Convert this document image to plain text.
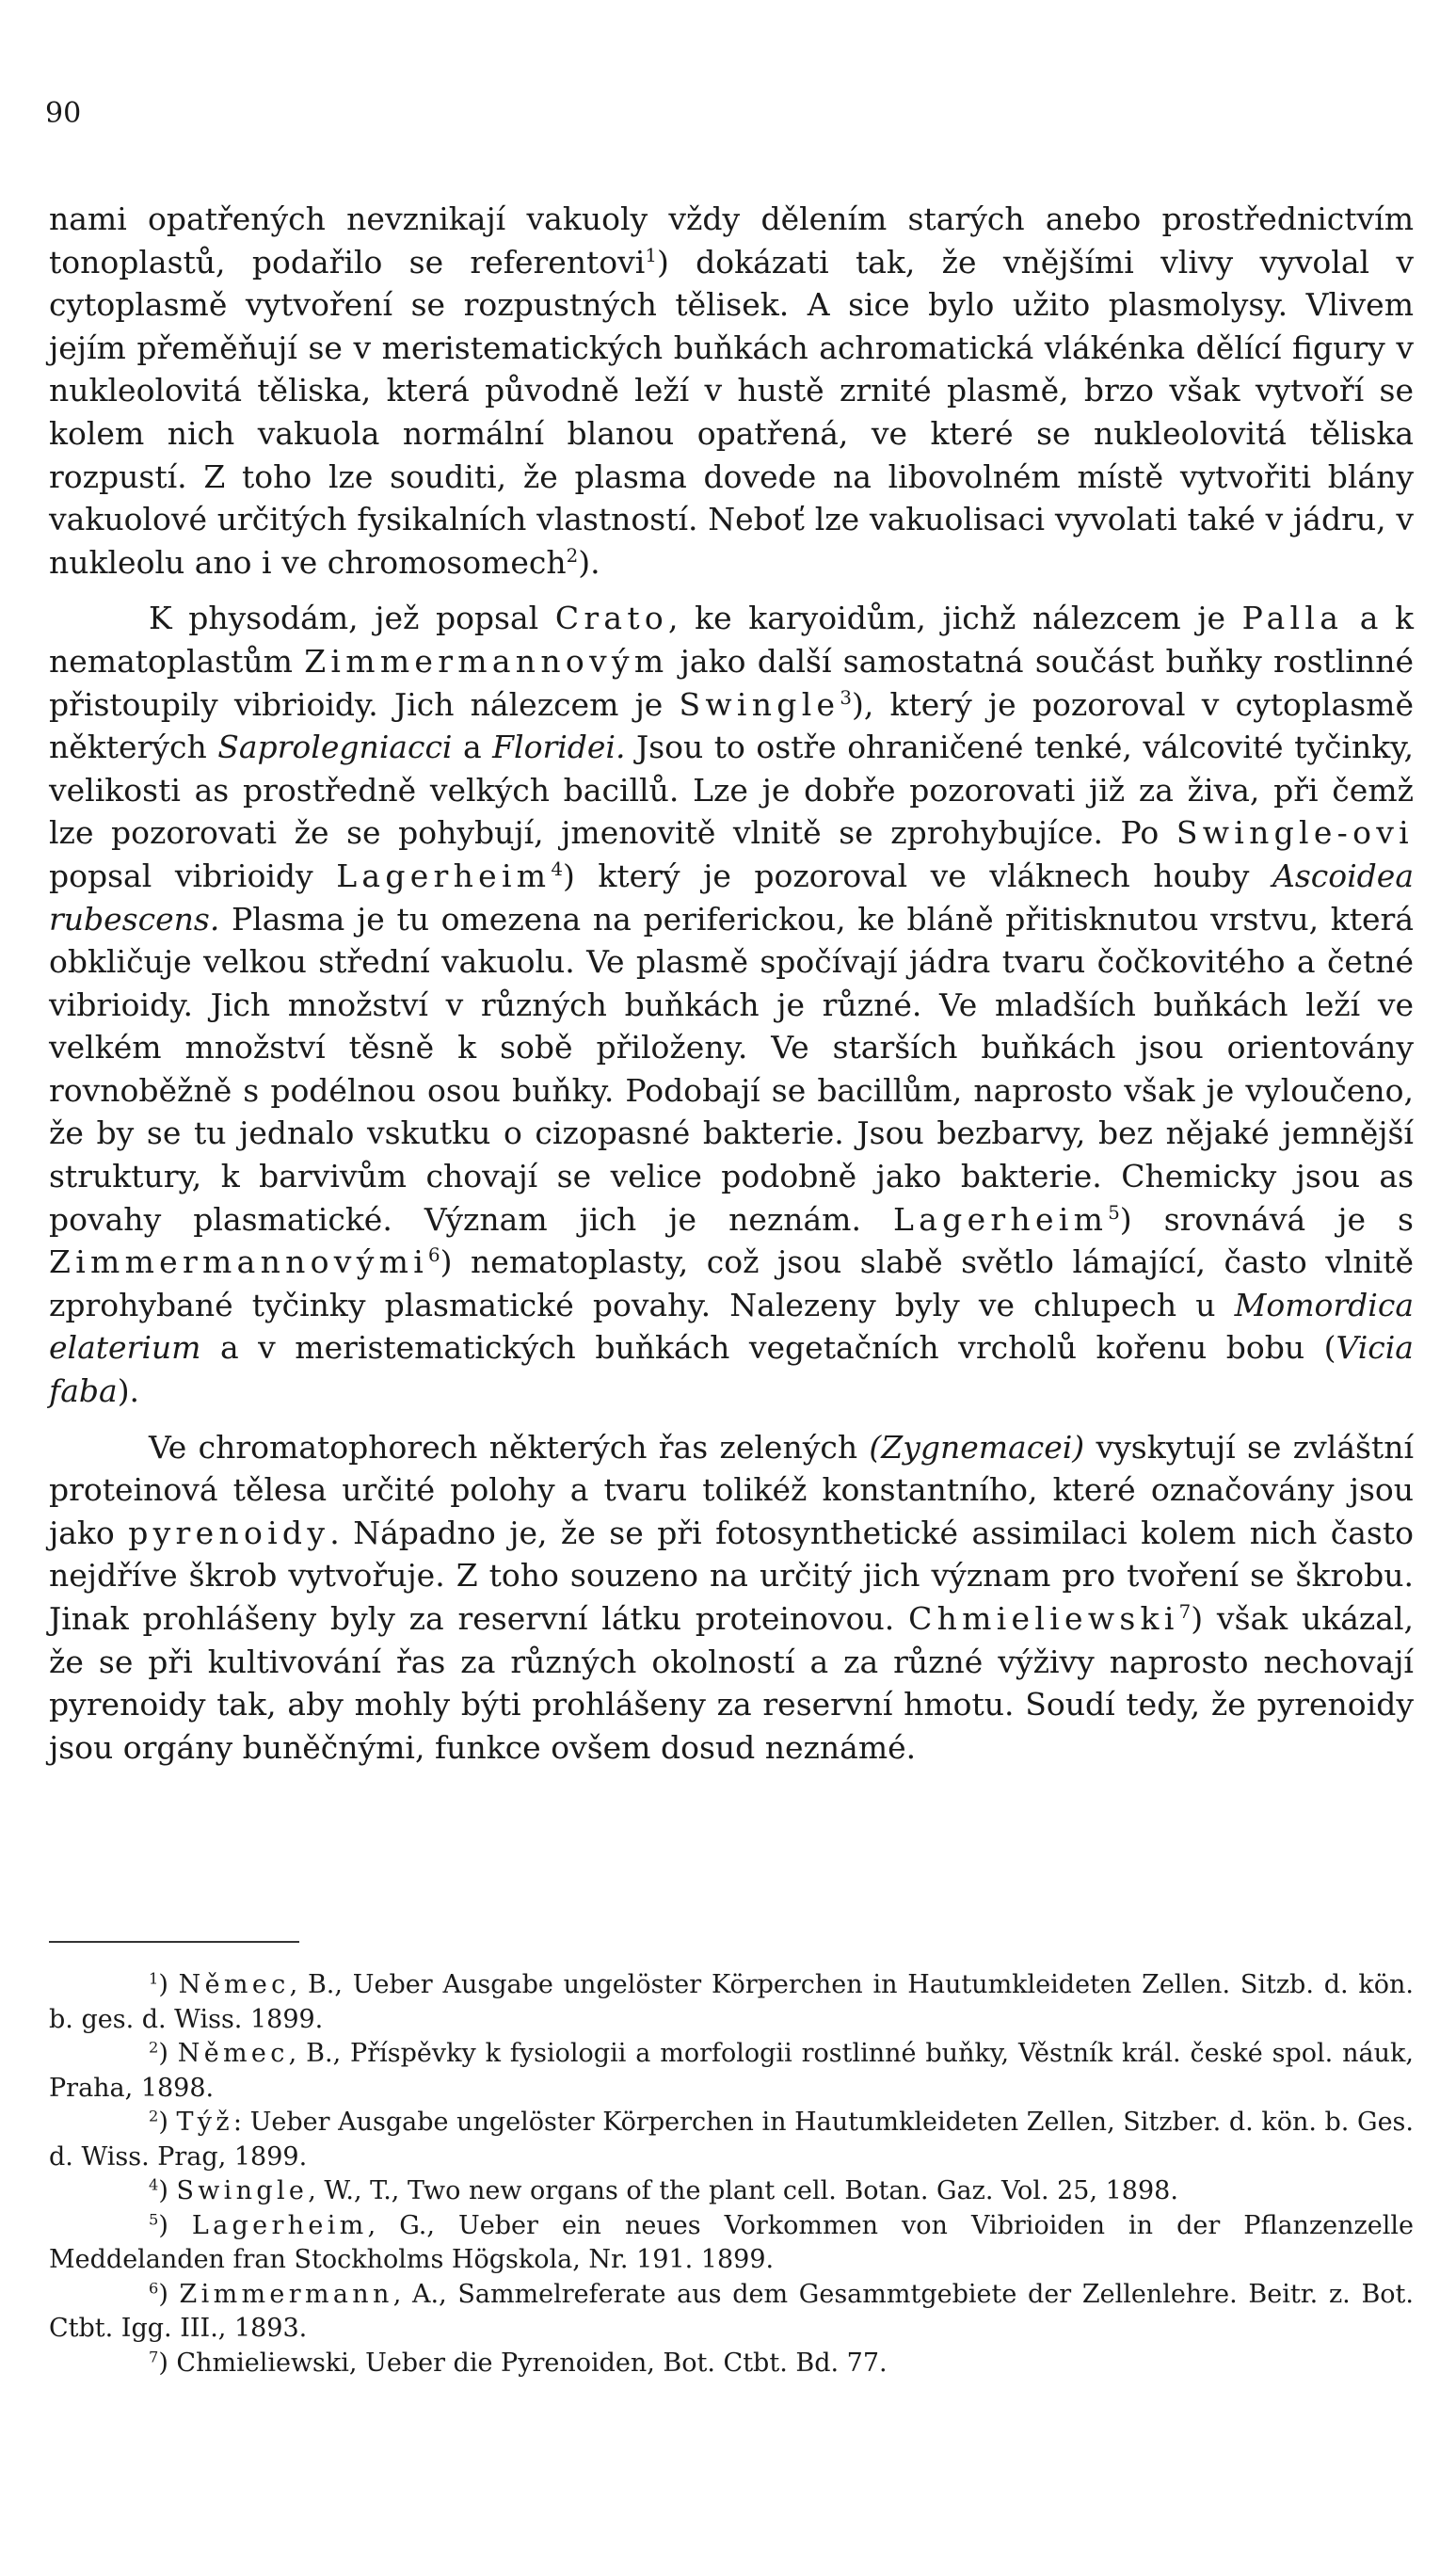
90

nami opatřených nevznikají vakuoly vždy dělením starých anebo prostřednictvím tonoplastů, podařilo se referentovi$^1$) dokázati tak, že vnějšími vlivy vyvolal v cytoplasmě vytvoření se rozpustných tělisek. A sice bylo užito plasmolysy. Vlivem jejím přeměňují se v meristematických buňkách achromatická vlákénka dělící figury v nukleolovitá těliska, která původně leží v hustě zrnité plasmě, brzo však vytvoří se kolem nich vakuola normální blanou opatřená, ve které se nukleolovitá těliska rozpustí. Z toho lze souditi, že plasma dovede na libovolném místě vytvořiti blány vakuolové určitých fysikalních vlastností. Neboť lze vakuolisaci vyvolati také v jádru, v nukleolu ano i ve chromosomech$^2$).

K physodám, jež popsal Crato, ke karyoidům, jichž nálezcem je Palla a k nematoplastům Zimmermannovým jako další samostatná součást buňky rostlinné přistoupily vibrioidy. Jich nálezcem je Swingle$^3$), který je pozoroval v cytoplasmě některých Saprolegniacci a Floridei. Jsou to ostře ohraničené tenké, válcovité tyčinky, velikosti as prostředně velkých bacillů. Lze je dobře pozorovati již za živa, při čemž lze pozorovati že se pohybují, jmenovitě vlnitě se zprohybujíce. Po Swingle-ovi popsal vibrioidy Lagerheim$^4$) který je pozoroval ve vláknech houby Ascoidea rubescens. Plasma je tu omezena na periferickou, ke bláně přitisknutou vrstvu, která obkličuje velkou střední vakuolu. Ve plasmě spočívají jádra tvaru čočkovitého a četné vibrioidy. Jich množství v různých buňkách je různé. Ve mladších buňkách leží ve velkém množství těsně k sobě přiloženy. Ve starších buňkách jsou orientovány rovnoběžně s podélnou osou buňky. Podobají se bacillům, naprosto však je vyloučeno, že by se tu jednalo vskutku o cizopasné bakterie. Jsou bezbarvy, bez nějaké jemnější struktury, k barvivům chovají se velice podobně jako bakterie. Chemicky jsou as povahy plasmatické. Význam jich je neznám. Lagerheim$^5$) srovnává je s Zimmermannovými$^6$) nematoplasty, což jsou slabě světlo lámající, často vlnitě zprohybané tyčinky plasmatické povahy. Nalezeny byly ve chlupech u Momordica elaterium a v meristematických buňkách vegetačních vrcholů kořenu bobu (Vicia faba).

Ve chromatophorech některých řas zelených (Zygnemacei) vyskytují se zvláštní proteinová tělesa určité polohy a tvaru tolikéž konstantního, které označovány jsou jako pyrenoidy. Nápadno je, že se při fotosynthetické assimilaci kolem nich často nejdříve škrob vytvořuje. Z toho souzeno na určitý jich význam pro tvoření se škrobu. Jinak prohlášeny byly za reservní látku proteinovou. Chmieliewski$^7$) však ukázal, že se při kultivování řas za různých okolností a za různé výživy naprosto nechovají pyrenoidy tak, aby mohly býti prohlášeny za reservní hmotu. Soudí tedy, že pyrenoidy jsou orgány buněčnými, funkce ovšem dosud neznámé.

$^1$) Němec, B., Ueber Ausgabe ungelöster Körperchen in Hautumkleideten Zellen. Sitzb. d. kön. b. ges. d. Wiss. 1899.

$^2$) Němec, B., Příspěvky k fysiologii a morfologii rostlinné buňky, Věstník král. české spol. náuk, Praha, 1898.

$^2$) Týž: Ueber Ausgabe ungelöster Körperchen in Hautumkleideten Zellen, Sitzber. d. kön. b. Ges. d. Wiss. Prag, 1899.

$^4$) Swingle, W., T., Two new organs of the plant cell. Botan. Gaz. Vol. 25, 1898.

$^5$) Lagerheim, G., Ueber ein neues Vorkommen von Vibrioiden in der Pflanzenzelle Meddelanden fran Stockholms Högskola, Nr. 191. 1899.

$^6$) Zimmermann, A., Sammelreferate aus dem Gesammtgebiete der Zellenlehre. Beitr. z. Bot. Ctbt. Igg. III., 1893.

$^7$) Chmieliewski, Ueber die Pyrenoiden, Bot. Ctbt. Bd. 77.
